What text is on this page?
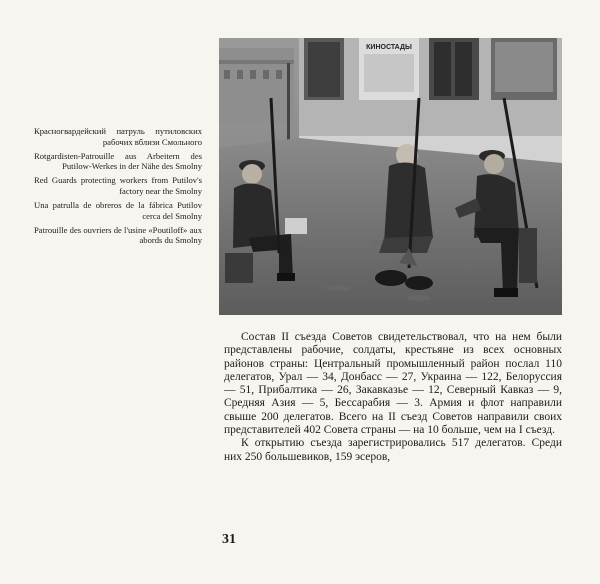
КИНОСТАДЫ

Красногвардейский патруль путиловских рабочих вблизи Смольного

Rotgardisten-Patrouille aus Arbeitern des Putilow-Werkes in der Nähe des Smolny

Red Guards protecting workers from Putilov's factory near the Smolny

Una patrulla de obreros de la fábrica Putilov cerca del Smolny

Patrouille des ouvriers de l'usine «Poutiloff» aux abords du Smolny

Состав II съезда Советов свидетельствовал, что на нем были представлены рабочие, солдаты, крестьяне из всех основных районов страны: Центральный промышленный район послал 110 делегатов, Урал — 34, Донбасс — 27, Украина — 122, Белоруссия — 51, Прибалтика — 26, Закавказье — 12, Северный Кавказ — 9, Средняя Азия — 5, Бессарабия — 3. Армия и флот направили свыше 200 делегатов. Всего на II съезд Советов направили своих представителей 402 Совета страны — на 10 больше, чем на I съезд.

К открытию съезда зарегистрировались 517 делегатов. Среди них 250 большевиков, 159 эсеров,

31
